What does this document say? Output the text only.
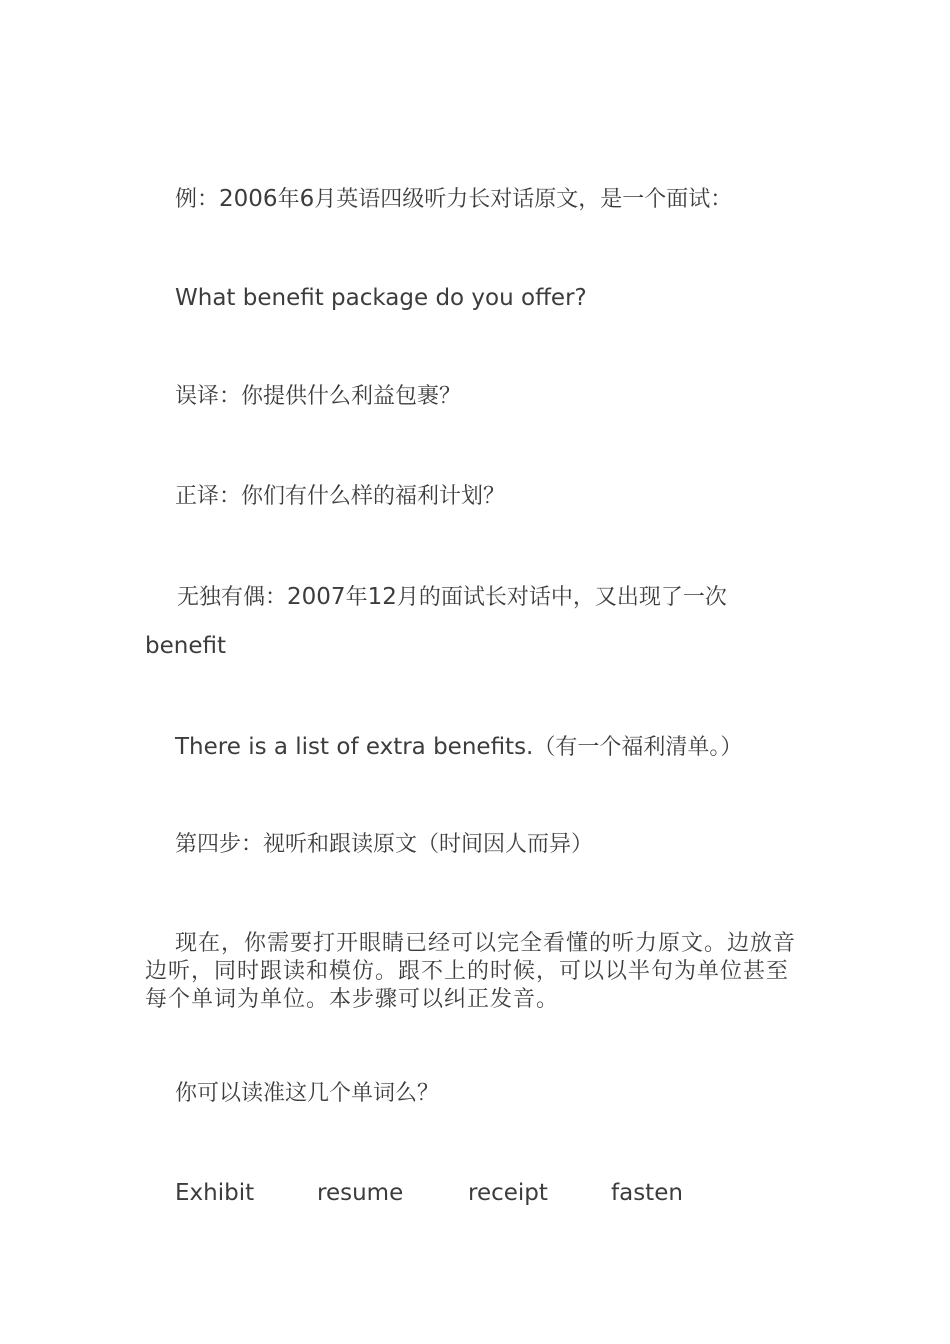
例：2006年6月英语四级听力长对话原文，是一个面试：
What benefit package do you offer?
误译：你提供什么利益包裹？
正译：你们有什么样的福利计划？
无独有偶：2007年12月的面试长对话中，又出现了一次
benefit
There is a list of extra benefits.（有一个福利清单。）
第四步：视听和跟读原文（时间因人而异）
现在，你需要打开眼睛已经可以完全看懂的听力原文。边放音边听，同时跟读和模仿。跟不上的时候，可以以半句为单位甚至每个单词为单位。本步骤可以纠正发音。
你可以读准这几个单词么？
Exhibit	resume	receipt	fasten
